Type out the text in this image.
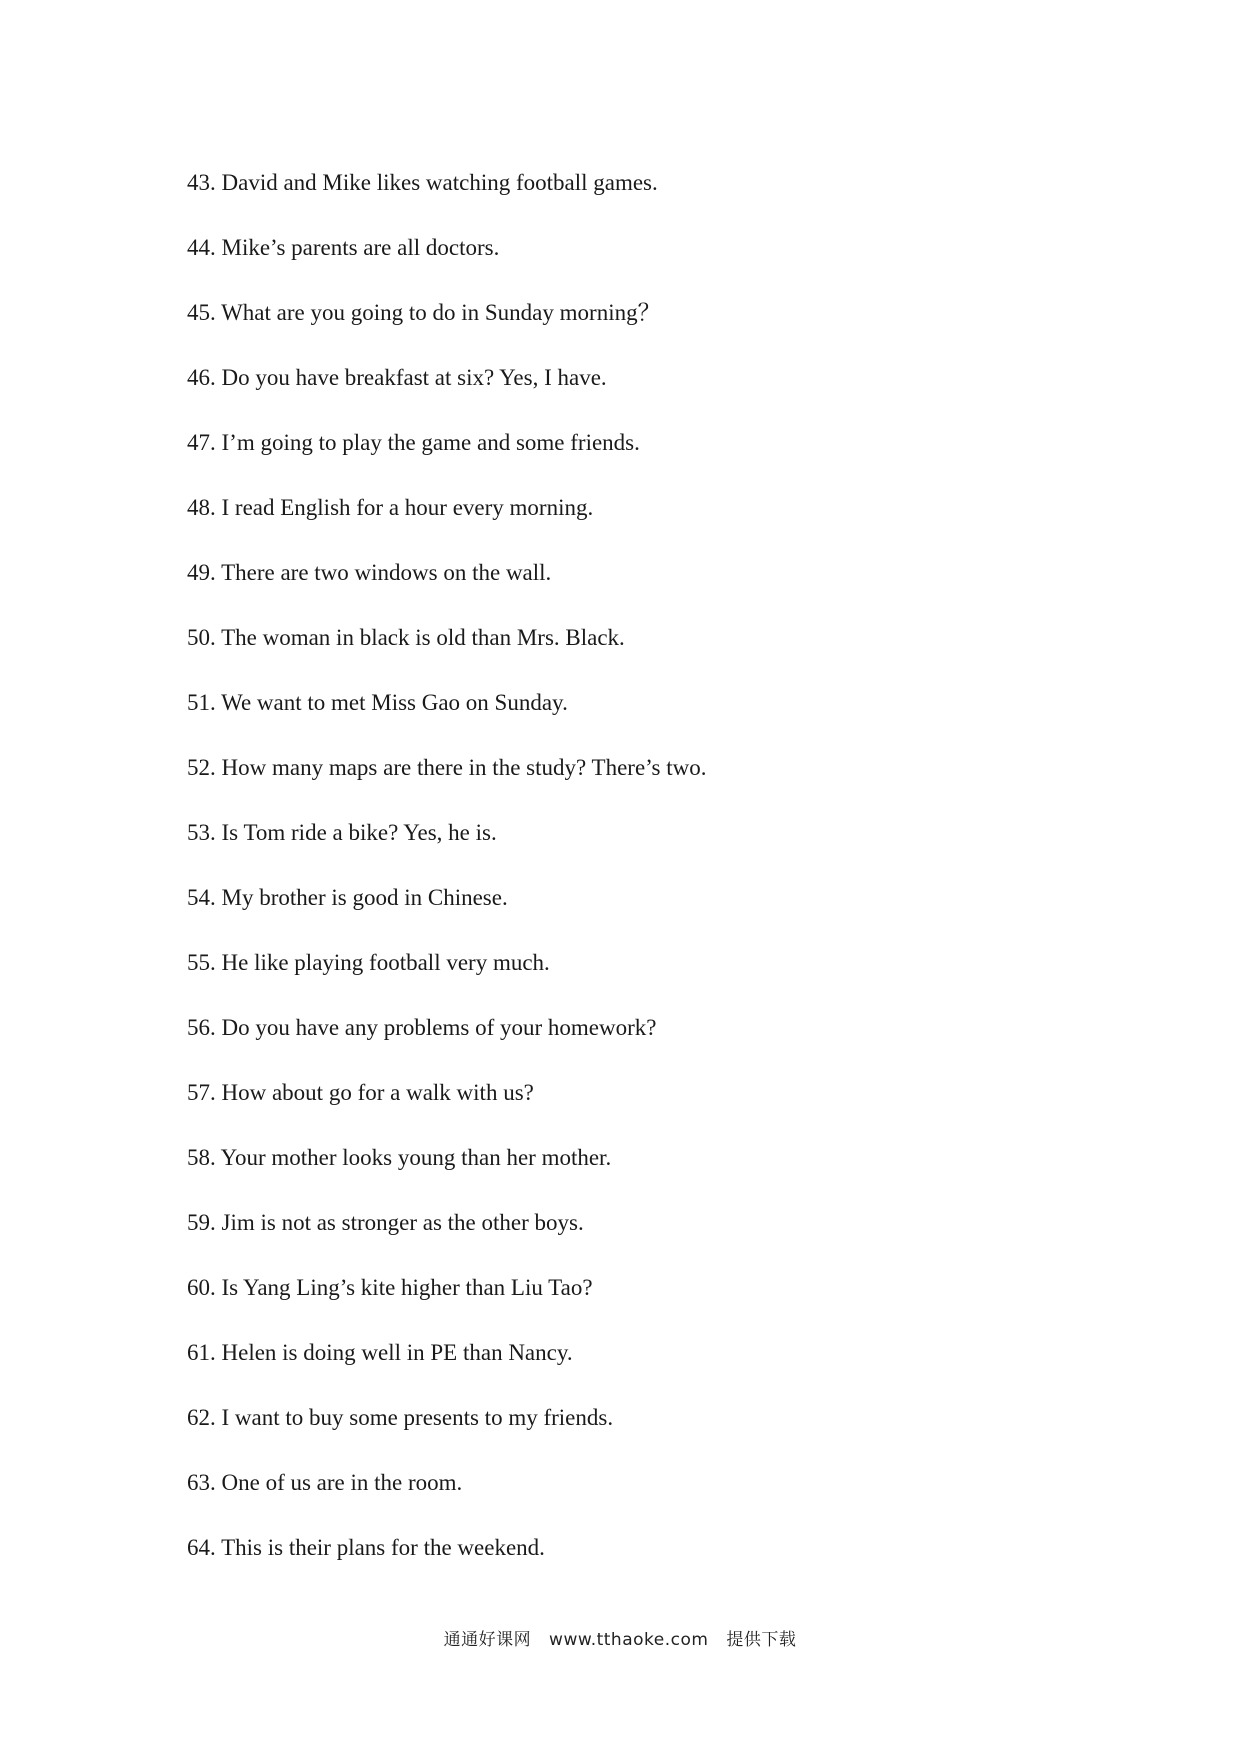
43. David and Mike likes watching football games.
44. Mike’s parents are all doctors.
45. What are you going to do in Sunday morning？
46. Do you have breakfast at six? Yes, I have.
47. I’m going to play the game and some friends.
48. I read English for a hour every morning.
49. There are two windows on the wall.
50. The woman in black is old than Mrs. Black.
51. We want to met Miss Gao on Sunday.
52. How many maps are there in the study? There’s two.
53. Is Tom ride a bike? Yes, he is.
54. My brother is good in Chinese.
55. He like playing football very much.
56. Do you have any problems of your homework?
57. How about go for a walk with us?
58. Your mother looks young than her mother.
59. Jim is not as stronger as the other boys.
60. Is Yang Ling’s kite higher than Liu Tao?
61. Helen is doing well in PE than Nancy.
62. I want to buy some presents to my friends.
63. One of us are in the room.
64. This is their plans for the weekend.
通通好课网 www.tthaoke.com 提供下载
